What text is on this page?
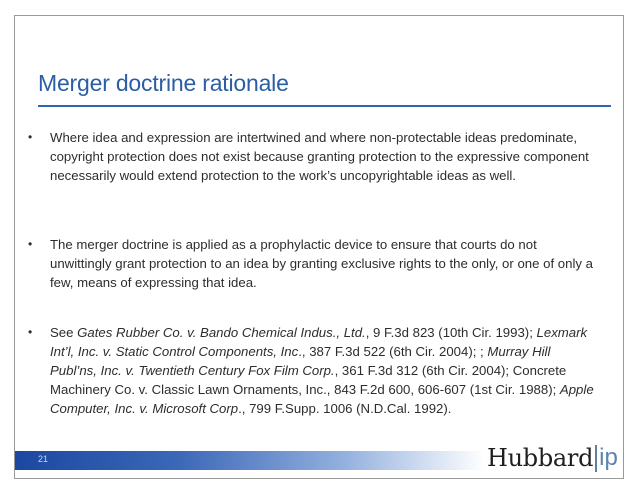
Merger doctrine rationale
•	Where idea and expression are intertwined and where non-protectable ideas predominate, copyright protection does not exist because granting protection to the expressive component necessarily would extend protection to the work’s uncopyrightable ideas as well.
•	The merger doctrine is applied as a prophylactic device to ensure that courts do not unwittingly grant protection to an idea by granting exclusive rights to the only, or one of only a few, means of expressing that idea.
•	See Gates Rubber Co. v. Bando Chemical Indus., Ltd., 9 F.3d 823 (10th Cir. 1993); Lexmark Int’l, Inc. v. Static Control Components, Inc., 387 F.3d 522 (6th Cir. 2004); ; Murray Hill Publ’ns, Inc. v. Twentieth Century Fox Film Corp., 361 F.3d 312 (6th Cir. 2004); Concrete Machinery Co. v. Classic Lawn Ornaments, Inc., 843 F.2d 600, 606-607 (1st Cir. 1988); Apple Computer, Inc. v. Microsoft Corp., 799 F.Supp. 1006 (N.D.Cal. 1992).
21	Hubbard ip
